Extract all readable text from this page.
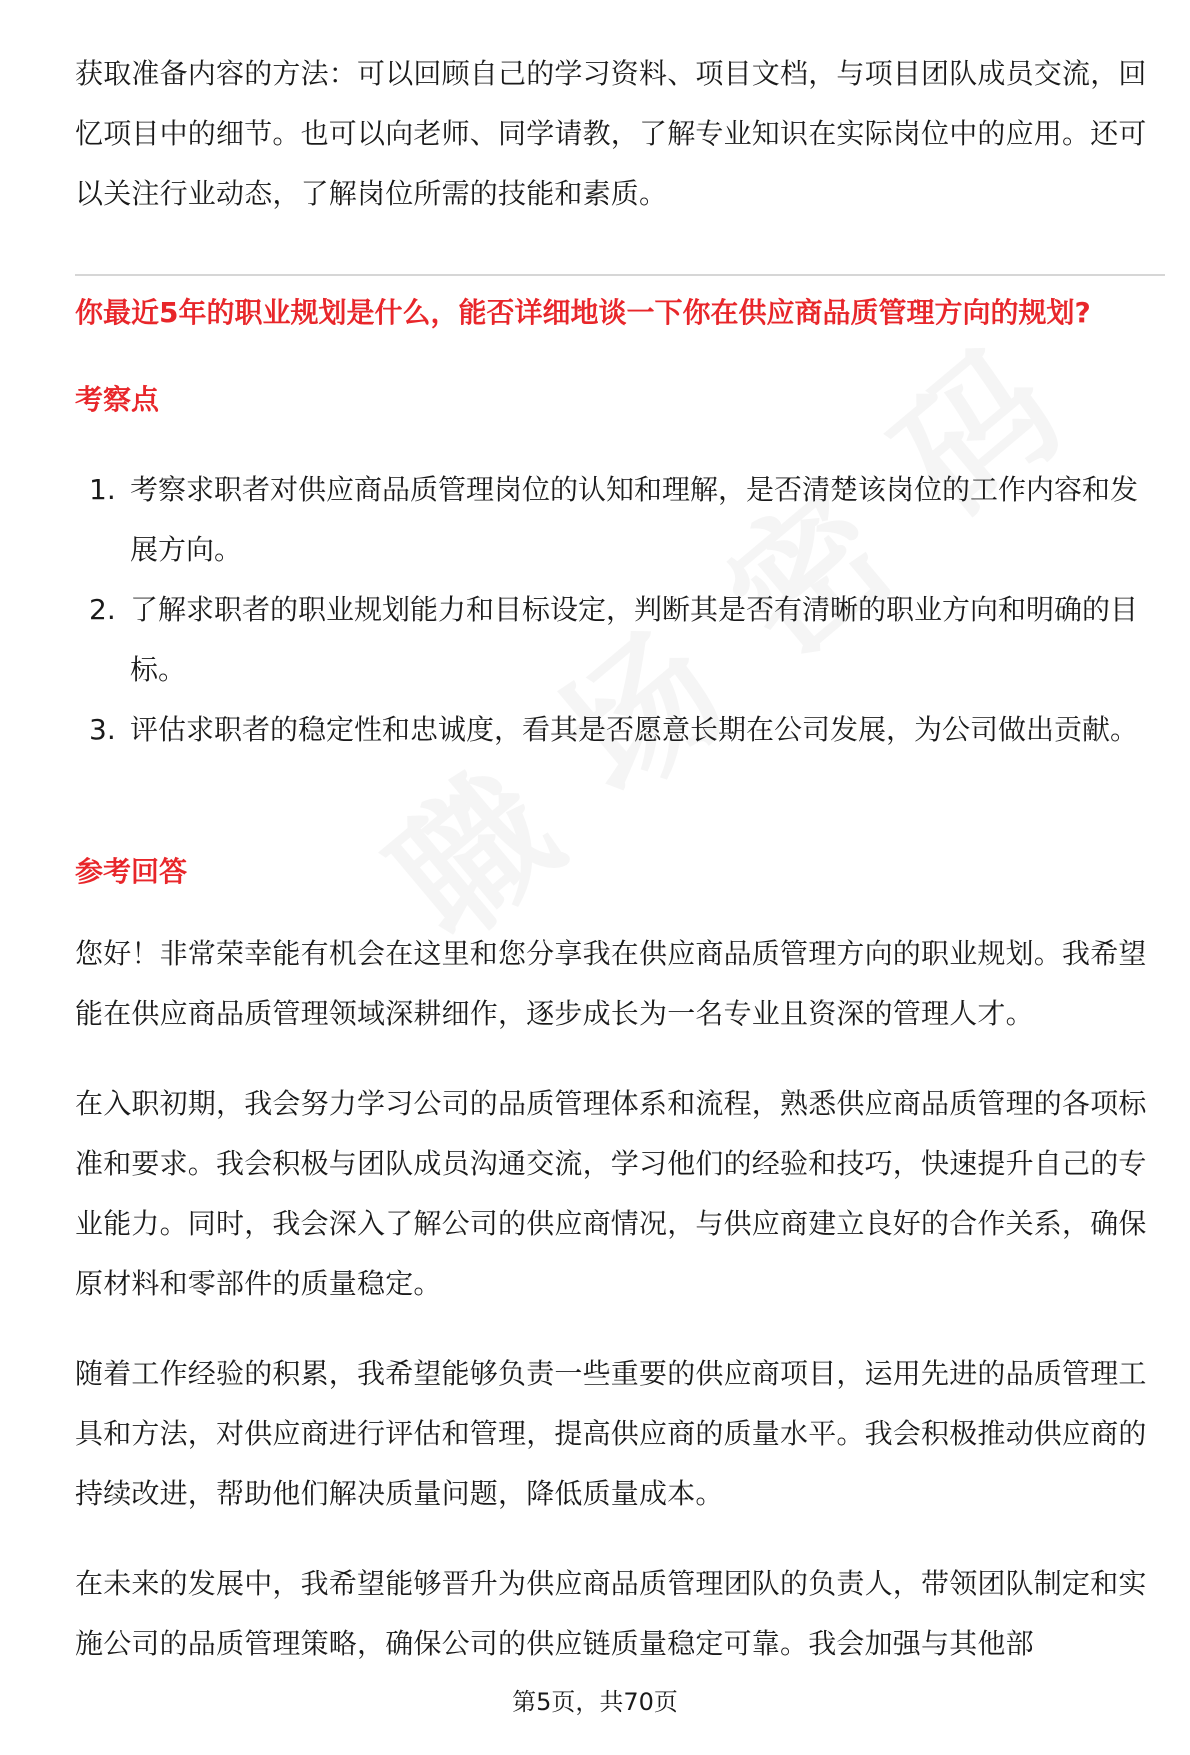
获取准备内容的方法：可以回顾自己的学习资料、项目文档，与项目团队成员交流，回忆项目中的细节。也可以向老师、同学请教，了解专业知识在实际岗位中的应用。还可以关注行业动态，了解岗位所需的技能和素质。

你最近5年的职业规划是什么，能否详细地谈一下你在供应商品质管理方向的规划?
考察点
1. 考察求职者对供应商品质管理岗位的认知和理解，是否清楚该岗位的工作内容和发展方向。
2. 了解求职者的职业规划能力和目标设定，判断其是否有清晰的职业方向和明确的目标。
3. 评估求职者的稳定性和忠诚度，看其是否愿意长期在公司发展，为公司做出贡献。
参考回答

您好！非常荣幸能有机会在这里和您分享我在供应商品质管理方向的职业规划。我希望能在供应商品质管理领域深耕细作，逐步成长为一名专业且资深的管理人才。

在入职初期，我会努力学习公司的品质管理体系和流程，熟悉供应商品质管理的各项标准和要求。我会积极与团队成员沟通交流，学习他们的经验和技巧，快速提升自己的专业能力。同时，我会深入了解公司的供应商情况，与供应商建立良好的合作关系，确保原材料和零部件的质量稳定。

随着工作经验的积累，我希望能够负责一些重要的供应商项目，运用先进的品质管理工具和方法，对供应商进行评估和管理，提高供应商的质量水平。我会积极推动供应商的持续改进，帮助他们解决质量问题，降低质量成本。

在未来的发展中，我希望能够晋升为供应商品质管理团队的负责人，带领团队制定和实施公司的品质管理策略，确保公司的供应链质量稳定可靠。我会加强与其他部

第5页，共70页
